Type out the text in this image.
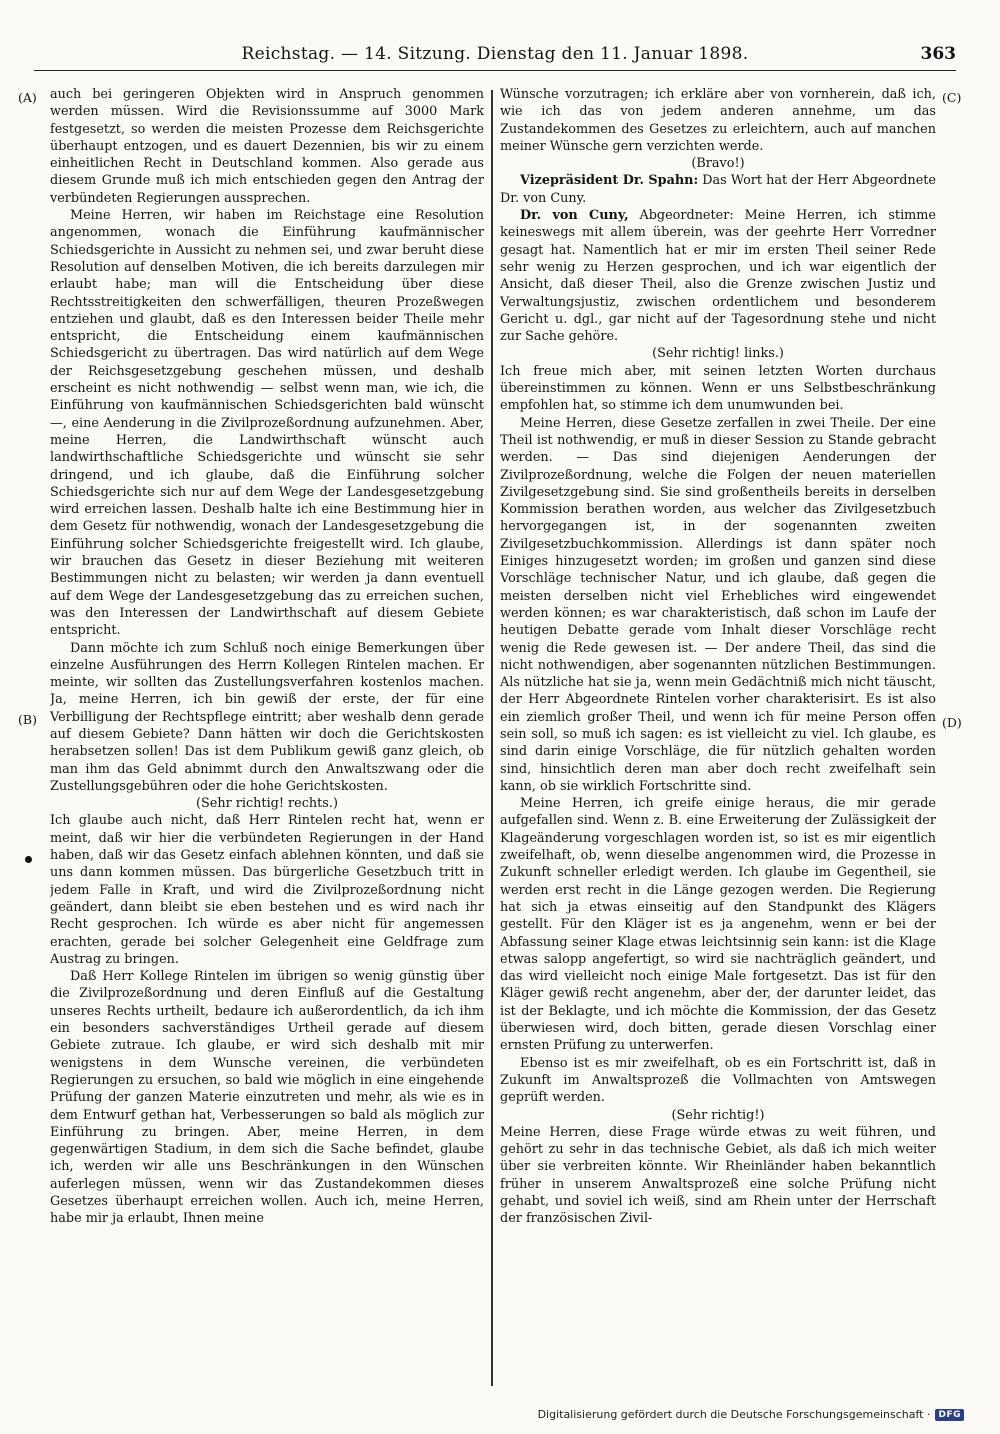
Reichstag. — 14. Sitzung. Dienstag den 11. Januar 1898.	363
(A)
(B)
(C)
(D)

auch bei geringeren Objekten wird in Anspruch genommen werden müssen. Wird die Revisionssumme auf 3000 Mark festgesetzt, so werden die meisten Prozesse dem Reichsgerichte überhaupt entzogen, und es dauert Dezennien, bis wir zu einem einheitlichen Recht in Deutschland kommen. Also gerade aus diesem Grunde muß ich mich entschieden gegen den Antrag der verbündeten Regierungen aussprechen.

Meine Herren, wir haben im Reichstage eine Resolution angenommen, wonach die Einführung kaufmännischer Schiedsgerichte in Aussicht zu nehmen sei, und zwar beruht diese Resolution auf denselben Motiven, die ich bereits darzulegen mir erlaubt habe; man will die Entscheidung über diese Rechtsstreitigkeiten den schwerfälligen, theuren Prozeßwegen entziehen und glaubt, daß es den Interessen beider Theile mehr entspricht, die Entscheidung einem kaufmännischen Schiedsgericht zu übertragen. Das wird natürlich auf dem Wege der Reichsgesetzgebung geschehen müssen, und deshalb erscheint es nicht nothwendig — selbst wenn man, wie ich, die Einführung von kaufmännischen Schiedsgerichten bald wünscht —, eine Aenderung in die Zivilprozeßordnung aufzunehmen. Aber, meine Herren, die Landwirthschaft wünscht auch landwirthschaftliche Schiedsgerichte und wünscht sie sehr dringend, und ich glaube, daß die Einführung solcher Schiedsgerichte sich nur auf dem Wege der Landesgesetzgebung wird erreichen lassen. Deshalb halte ich eine Bestimmung hier in dem Gesetz für nothwendig, wonach der Landesgesetzgebung die Einführung solcher Schiedsgerichte freigestellt wird. Ich glaube, wir brauchen das Gesetz in dieser Beziehung mit weiteren Bestimmungen nicht zu belasten; wir werden ja dann eventuell auf dem Wege der Landesgesetzgebung das zu erreichen suchen, was den Interessen der Landwirthschaft auf diesem Gebiete entspricht.

Dann möchte ich zum Schluß noch einige Bemerkungen über einzelne Ausführungen des Herrn Kollegen Rintelen machen. Er meinte, wir sollten das Zustellungsverfahren kostenlos machen. Ja, meine Herren, ich bin gewiß der erste, der für eine Verbilligung der Rechtspflege eintritt; aber weshalb denn gerade auf diesem Gebiete? Dann hätten wir doch die Gerichtskosten herabsetzen sollen! Das ist dem Publikum gewiß ganz gleich, ob man ihm das Geld abnimmt durch den Anwaltszwang oder die Zustellungsgebühren oder die hohe Gerichtskosten.

(Sehr richtig! rechts.)

Ich glaube auch nicht, daß Herr Rintelen recht hat, wenn er meint, daß wir hier die verbündeten Regierungen in der Hand haben, daß wir das Gesetz einfach ablehnen könnten, und daß sie uns dann kommen müssen. Das bürgerliche Gesetzbuch tritt in jedem Falle in Kraft, und wird die Zivilprozeßordnung nicht geändert, dann bleibt sie eben bestehen und es wird nach ihr Recht gesprochen. Ich würde es aber nicht für angemessen erachten, gerade bei solcher Gelegenheit eine Geldfrage zum Austrag zu bringen.

Daß Herr Kollege Rintelen im übrigen so wenig günstig über die Zivilprozeßordnung und deren Einfluß auf die Gestaltung unseres Rechts urtheilt, bedaure ich außerordentlich, da ich ihm ein besonders sachverständiges Urtheil gerade auf diesem Gebiete zutraue. Ich glaube, er wird sich deshalb mit mir wenigstens in dem Wunsche vereinen, die verbündeten Regierungen zu ersuchen, so bald wie möglich in eine eingehende Prüfung der ganzen Materie einzutreten und mehr, als wie es in dem Entwurf gethan hat, Verbesserungen so bald als möglich zur Einführung zu bringen. Aber, meine Herren, in dem gegenwärtigen Stadium, in dem sich die Sache befindet, glaube ich, werden wir alle uns Beschränkungen in den Wünschen auferlegen müssen, wenn wir das Zustandekommen dieses Gesetzes überhaupt erreichen wollen. Auch ich, meine Herren, habe mir ja erlaubt, Ihnen meine

Wünsche vorzutragen; ich erkläre aber von vornherein, daß ich, wie ich das von jedem anderen annehme, um das Zustandekommen des Gesetzes zu erleichtern, auch auf manchen meiner Wünsche gern verzichten werde.

(Bravo!)

Vizepräsident Dr. Spahn: Das Wort hat der Herr Abgeordnete Dr. von Cuny.

Dr. von Cuny, Abgeordneter: Meine Herren, ich stimme keineswegs mit allem überein, was der geehrte Herr Vorredner gesagt hat. Namentlich hat er mir im ersten Theil seiner Rede sehr wenig zu Herzen gesprochen, und ich war eigentlich der Ansicht, daß dieser Theil, also die Grenze zwischen Justiz und Verwaltungsjustiz, zwischen ordentlichem und besonderem Gericht u. dgl., gar nicht auf der Tagesordnung stehe und nicht zur Sache gehöre.

(Sehr richtig! links.)

Ich freue mich aber, mit seinen letzten Worten durchaus übereinstimmen zu können. Wenn er uns Selbstbeschränkung empfohlen hat, so stimme ich dem unumwunden bei.

Meine Herren, diese Gesetze zerfallen in zwei Theile. Der eine Theil ist nothwendig, er muß in dieser Session zu Stande gebracht werden. — Das sind diejenigen Aenderungen der Zivilprozeßordnung, welche die Folgen der neuen materiellen Zivilgesetzgebung sind. Sie sind großentheils bereits in derselben Kommission berathen worden, aus welcher das Zivilgesetzbuch hervorgegangen ist, in der sogenannten zweiten Zivilgesetzbuchkommission. Allerdings ist dann später noch Einiges hinzugesetzt worden; im großen und ganzen sind diese Vorschläge technischer Natur, und ich glaube, daß gegen die meisten derselben nicht viel Erhebliches wird eingewendet werden können; es war charakteristisch, daß schon im Laufe der heutigen Debatte gerade vom Inhalt dieser Vorschläge recht wenig die Rede gewesen ist. — Der andere Theil, das sind die nicht nothwendigen, aber sogenannten nützlichen Bestimmungen. Als nützliche hat sie ja, wenn mein Gedächtniß mich nicht täuscht, der Herr Abgeordnete Rintelen vorher charakterisirt. Es ist also ein ziemlich großer Theil, und wenn ich für meine Person offen sein soll, so muß ich sagen: es ist vielleicht zu viel. Ich glaube, es sind darin einige Vorschläge, die für nützlich gehalten worden sind, hinsichtlich deren man aber doch recht zweifelhaft sein kann, ob sie wirklich Fortschritte sind.

Meine Herren, ich greife einige heraus, die mir gerade aufgefallen sind. Wenn z. B. eine Erweiterung der Zulässigkeit der Klageänderung vorgeschlagen worden ist, so ist es mir eigentlich zweifelhaft, ob, wenn dieselbe angenommen wird, die Prozesse in Zukunft schneller erledigt werden. Ich glaube im Gegentheil, sie werden erst recht in die Länge gezogen werden. Die Regierung hat sich ja etwas einseitig auf den Standpunkt des Klägers gestellt. Für den Kläger ist es ja angenehm, wenn er bei der Abfassung seiner Klage etwas leichtsinnig sein kann: ist die Klage etwas salopp angefertigt, so wird sie nachträglich geändert, und das wird vielleicht noch einige Male fortgesetzt. Das ist für den Kläger gewiß recht angenehm, aber der, der darunter leidet, das ist der Beklagte, und ich möchte die Kommission, der das Gesetz überwiesen wird, doch bitten, gerade diesen Vorschlag einer ernsten Prüfung zu unterwerfen.

Ebenso ist es mir zweifelhaft, ob es ein Fortschritt ist, daß in Zukunft im Anwaltsprozeß die Vollmachten von Amtswegen geprüft werden.

(Sehr richtig!)

Meine Herren, diese Frage würde etwas zu weit führen, und gehört zu sehr in das technische Gebiet, als daß ich mich weiter über sie verbreiten könnte. Wir Rheinländer haben bekanntlich früher in unserem Anwaltsprozeß eine solche Prüfung nicht gehabt, und soviel ich weiß, sind am Rhein unter der Herrschaft der französischen Zivil-

Digitalisierung gefördert durch die Deutsche Forschungsgemeinschaft · DFG
